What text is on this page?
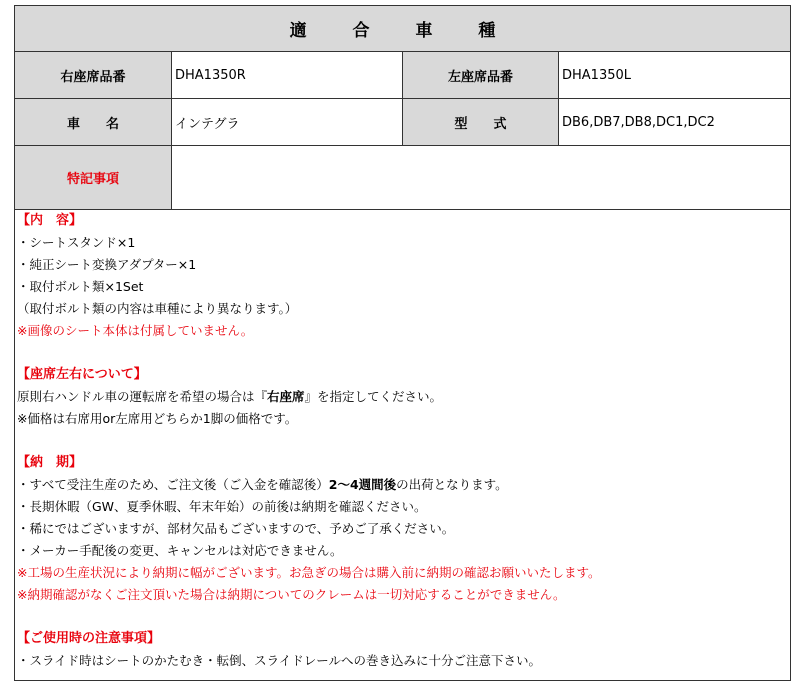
適 合 車 種
右座席品番	DHA1350R	左座席品番	DHA1350L
車　　名	インテグラ	型　　式	DB6,DB7,DB8,DC1,DC2
特記事項
【内　容】
・シートスタンド×1
・純正シート変換アダプター×1
・取付ボルト類×1Set
（取付ボルト類の内容は車種により異なります。）
※画像のシート本体は付属していません。
【座席左右について】
原則右ハンドル車の運転席を希望の場合は『右座席』を指定してください。
※価格は右席用or左席用どちらか1脚の価格です。
【納　期】
・すべて受注生産のため、ご注文後（ご入金を確認後）2～4週間後の出荷となります。
・長期休暇（GW、夏季休暇、年末年始）の前後は納期を確認ください。
・稀にではございますが、部材欠品もございますので、予めご了承ください。
・メーカー手配後の変更、キャンセルは対応できません。
※工場の生産状況により納期に幅がございます。お急ぎの場合は購入前に納期の確認お願いいたします。
※納期確認がなくご注文頂いた場合は納期についてのクレームは一切対応することができません。
【ご使用時の注意事項】
・スライド時はシートのかたむき・転倒、スライドレールへの巻き込みに十分ご注意下さい。
